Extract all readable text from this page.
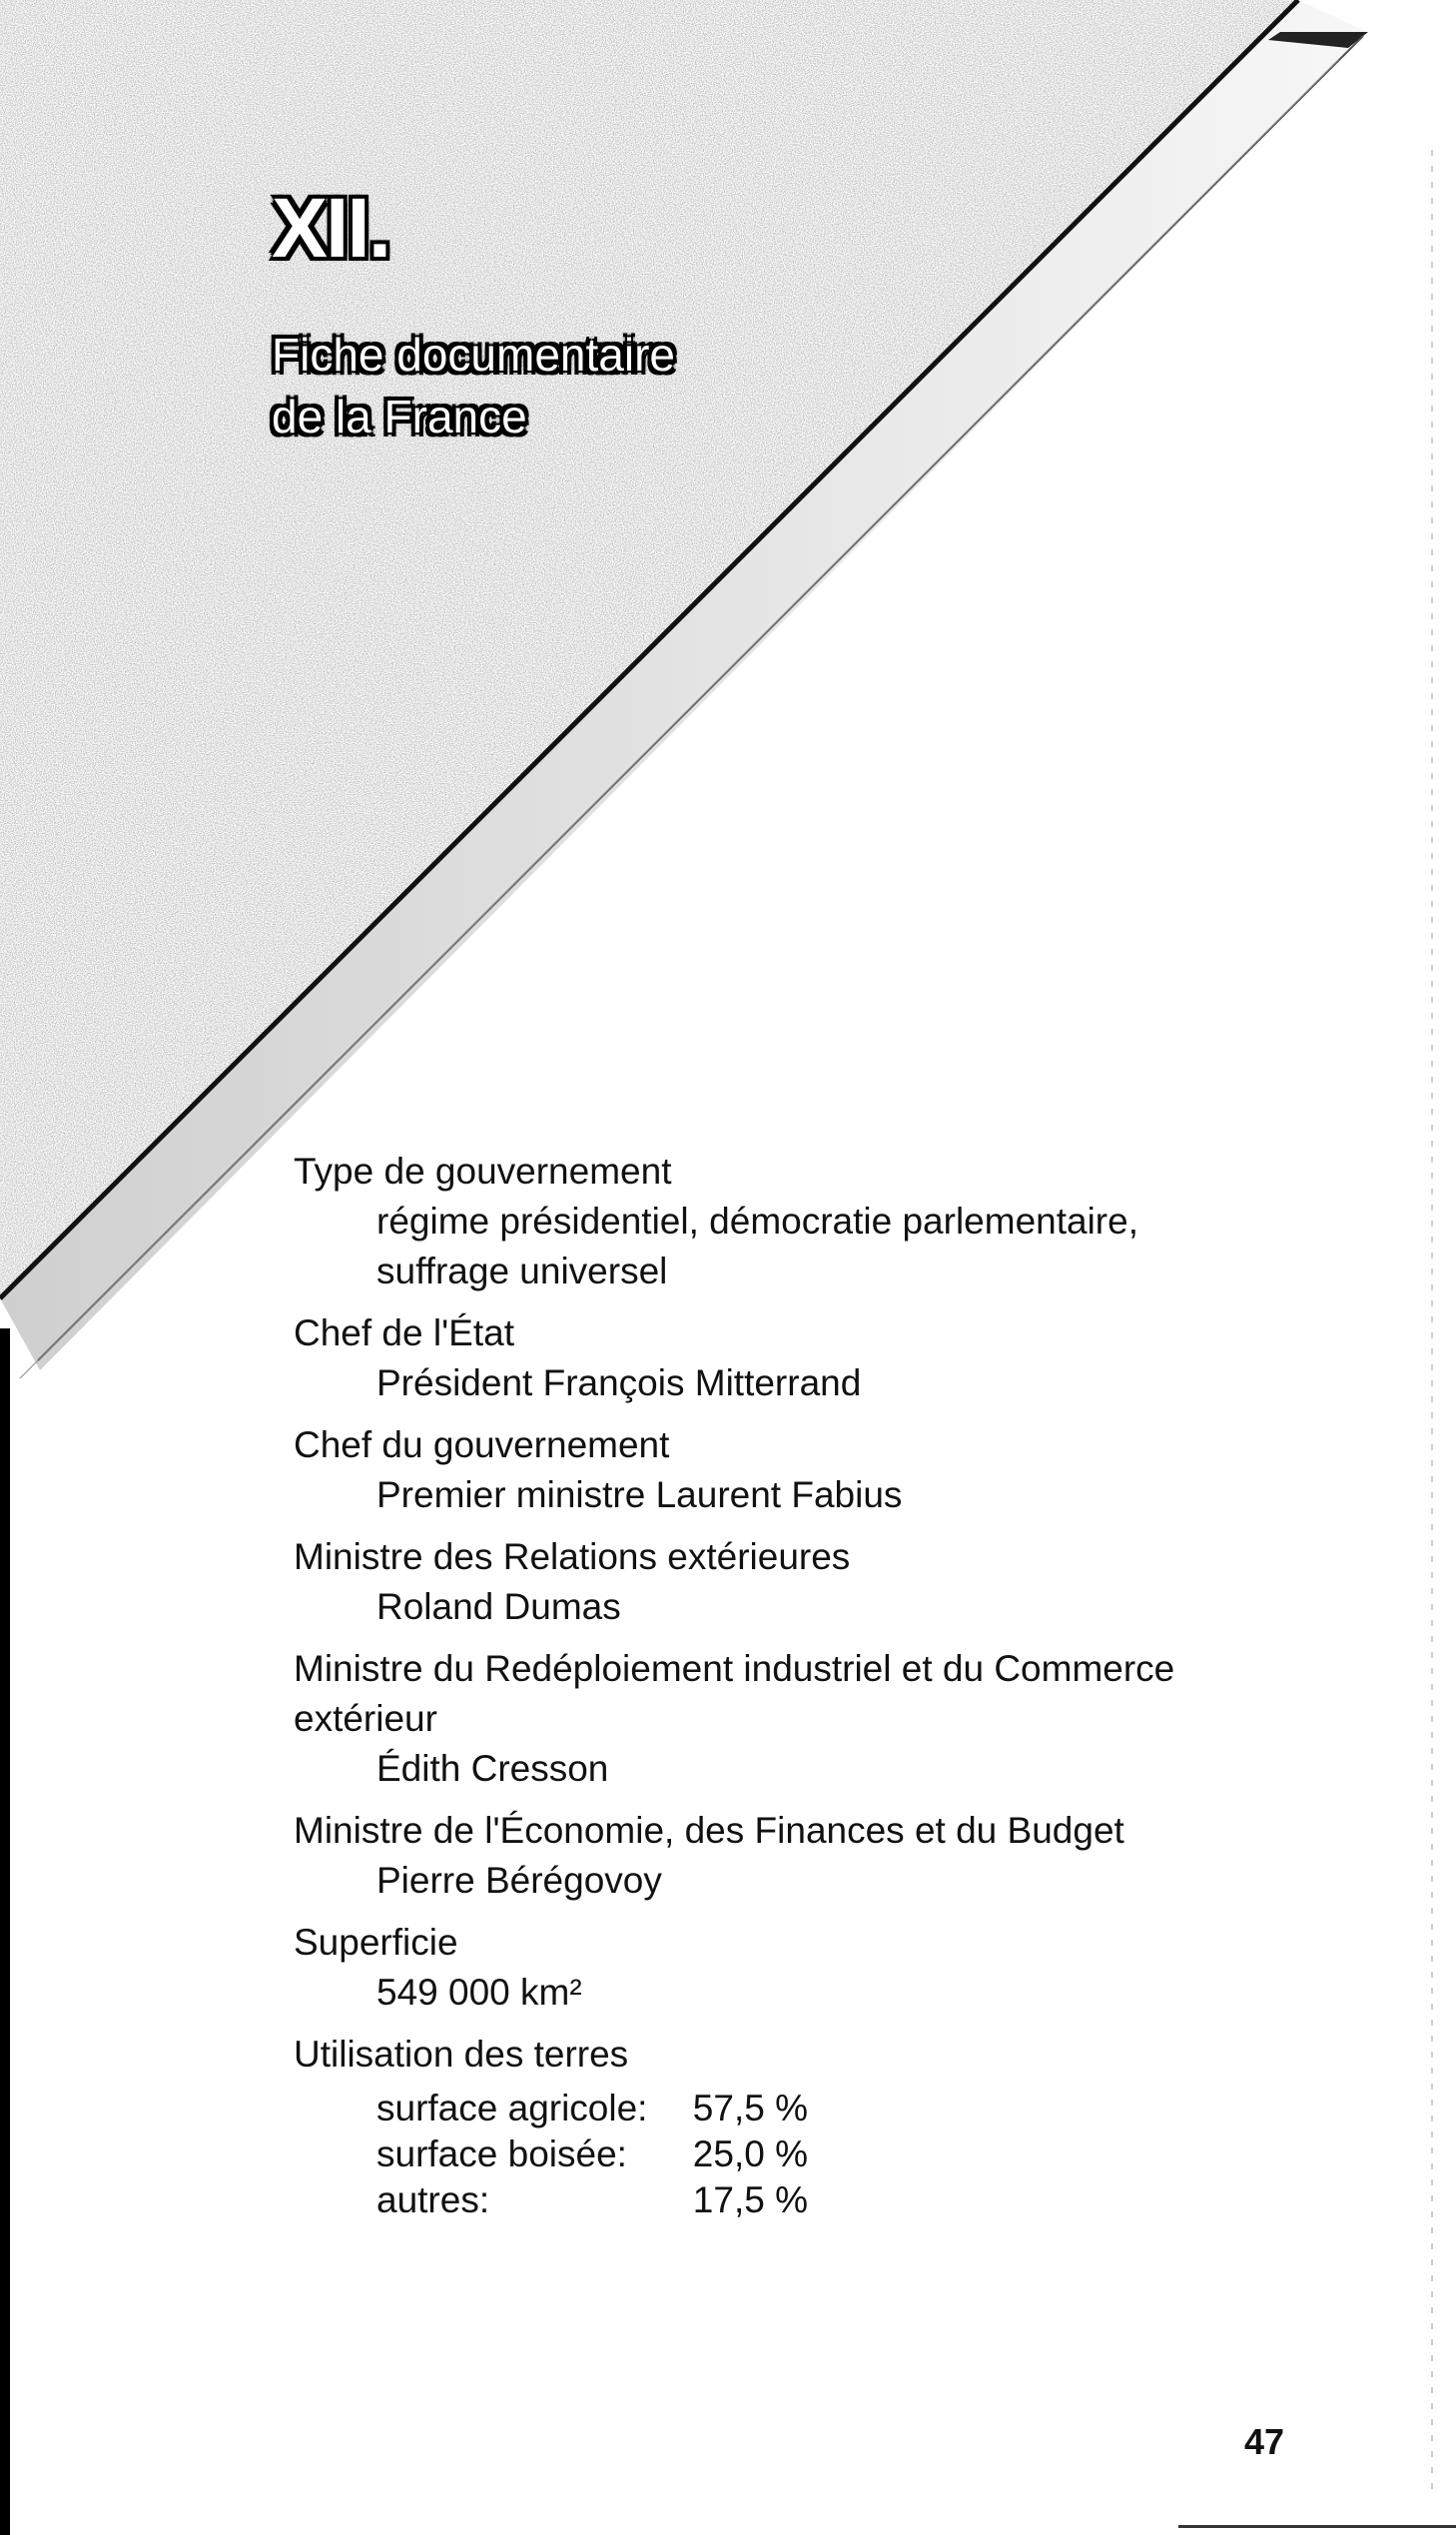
XII.
Fiche documentaire
de la France
Type de gouvernement
régime présidentiel, démocratie parlementaire,
suffrage universel
Chef de l'État
Président François Mitterrand
Chef du gouvernement
Premier ministre Laurent Fabius
Ministre des Relations extérieures
Roland Dumas
Ministre du Redéploiement industriel et du Commerce
extérieur
Édith Cresson
Ministre de l'Économie, des Finances et du Budget
Pierre Bérégovoy
Superficie
549 000 km²
Utilisation des terres
surface agricole:	57,5 %
surface boisée:	25,0 %
autres:	17,5 %
47
